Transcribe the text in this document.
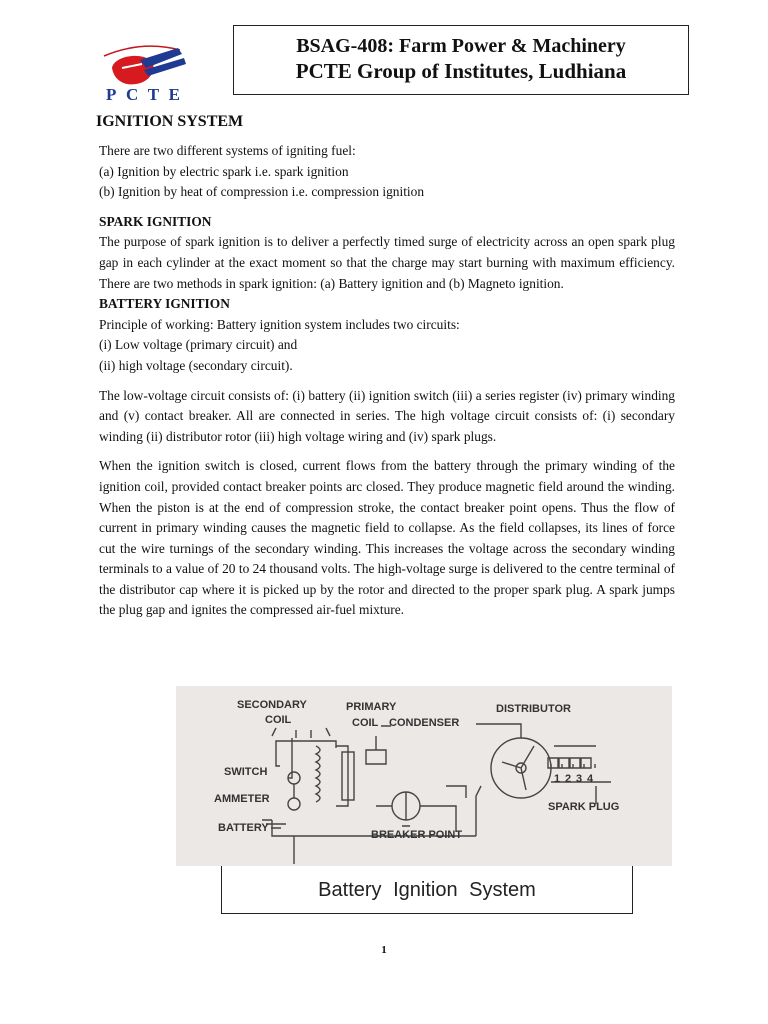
PCTE
BSAG-408: Farm Power & Machinery
PCTE Group of Institutes, Ludhiana
IGNITION SYSTEM

There are two different systems of igniting fuel:

(a) Ignition by electric spark i.e. spark ignition

(b) Ignition by heat of compression i.e. compression ignition

SPARK IGNITION

The purpose of spark ignition is to deliver a perfectly timed surge of electricity across an open spark plug gap in each cylinder at the exact moment so that the charge may start burning with maximum efficiency. There are two methods in spark ignition: (a) Battery ignition and (b) Magneto ignition.

BATTERY IGNITION

Principle of working: Battery ignition system includes two circuits:

(i) Low voltage (primary circuit) and

(ii) high voltage (secondary circuit).

The low-voltage circuit consists of: (i) battery (ii) ignition switch (iii) a series register (iv) primary winding and (v) contact breaker. All are connected in series. The high voltage circuit consists of: (i) secondary winding (ii) distributor rotor (iii) high voltage wiring and (iv) spark plugs.

When the ignition switch is closed, current flows from the battery through the primary winding of the ignition coil, provided contact breaker points arc closed. They produce magnetic field around the winding. When the piston is at the end of compression stroke, the contact breaker point opens. Thus the flow of current in primary winding causes the magnetic field to collapse. As the field collapses, its lines of force cut the wire turnings of the secondary winding. This increases the voltage across the secondary winding terminals to a value of 20 to 24 thousand volts. The high-voltage surge is delivered to the centre terminal of the distributor cap where it is picked up by the rotor and directed to the proper spark plug. A spark jumps the plug gap and ignites the compressed air-fuel mixture.

SECONDARY
COIL
PRIMARY
COIL CONDENSER
DISTRIBUTOR
SWITCH
AMMETER
BATTERY
BREAKER POINT
SPARK PLUG
1 2 3 4
Battery Ignition System
1
